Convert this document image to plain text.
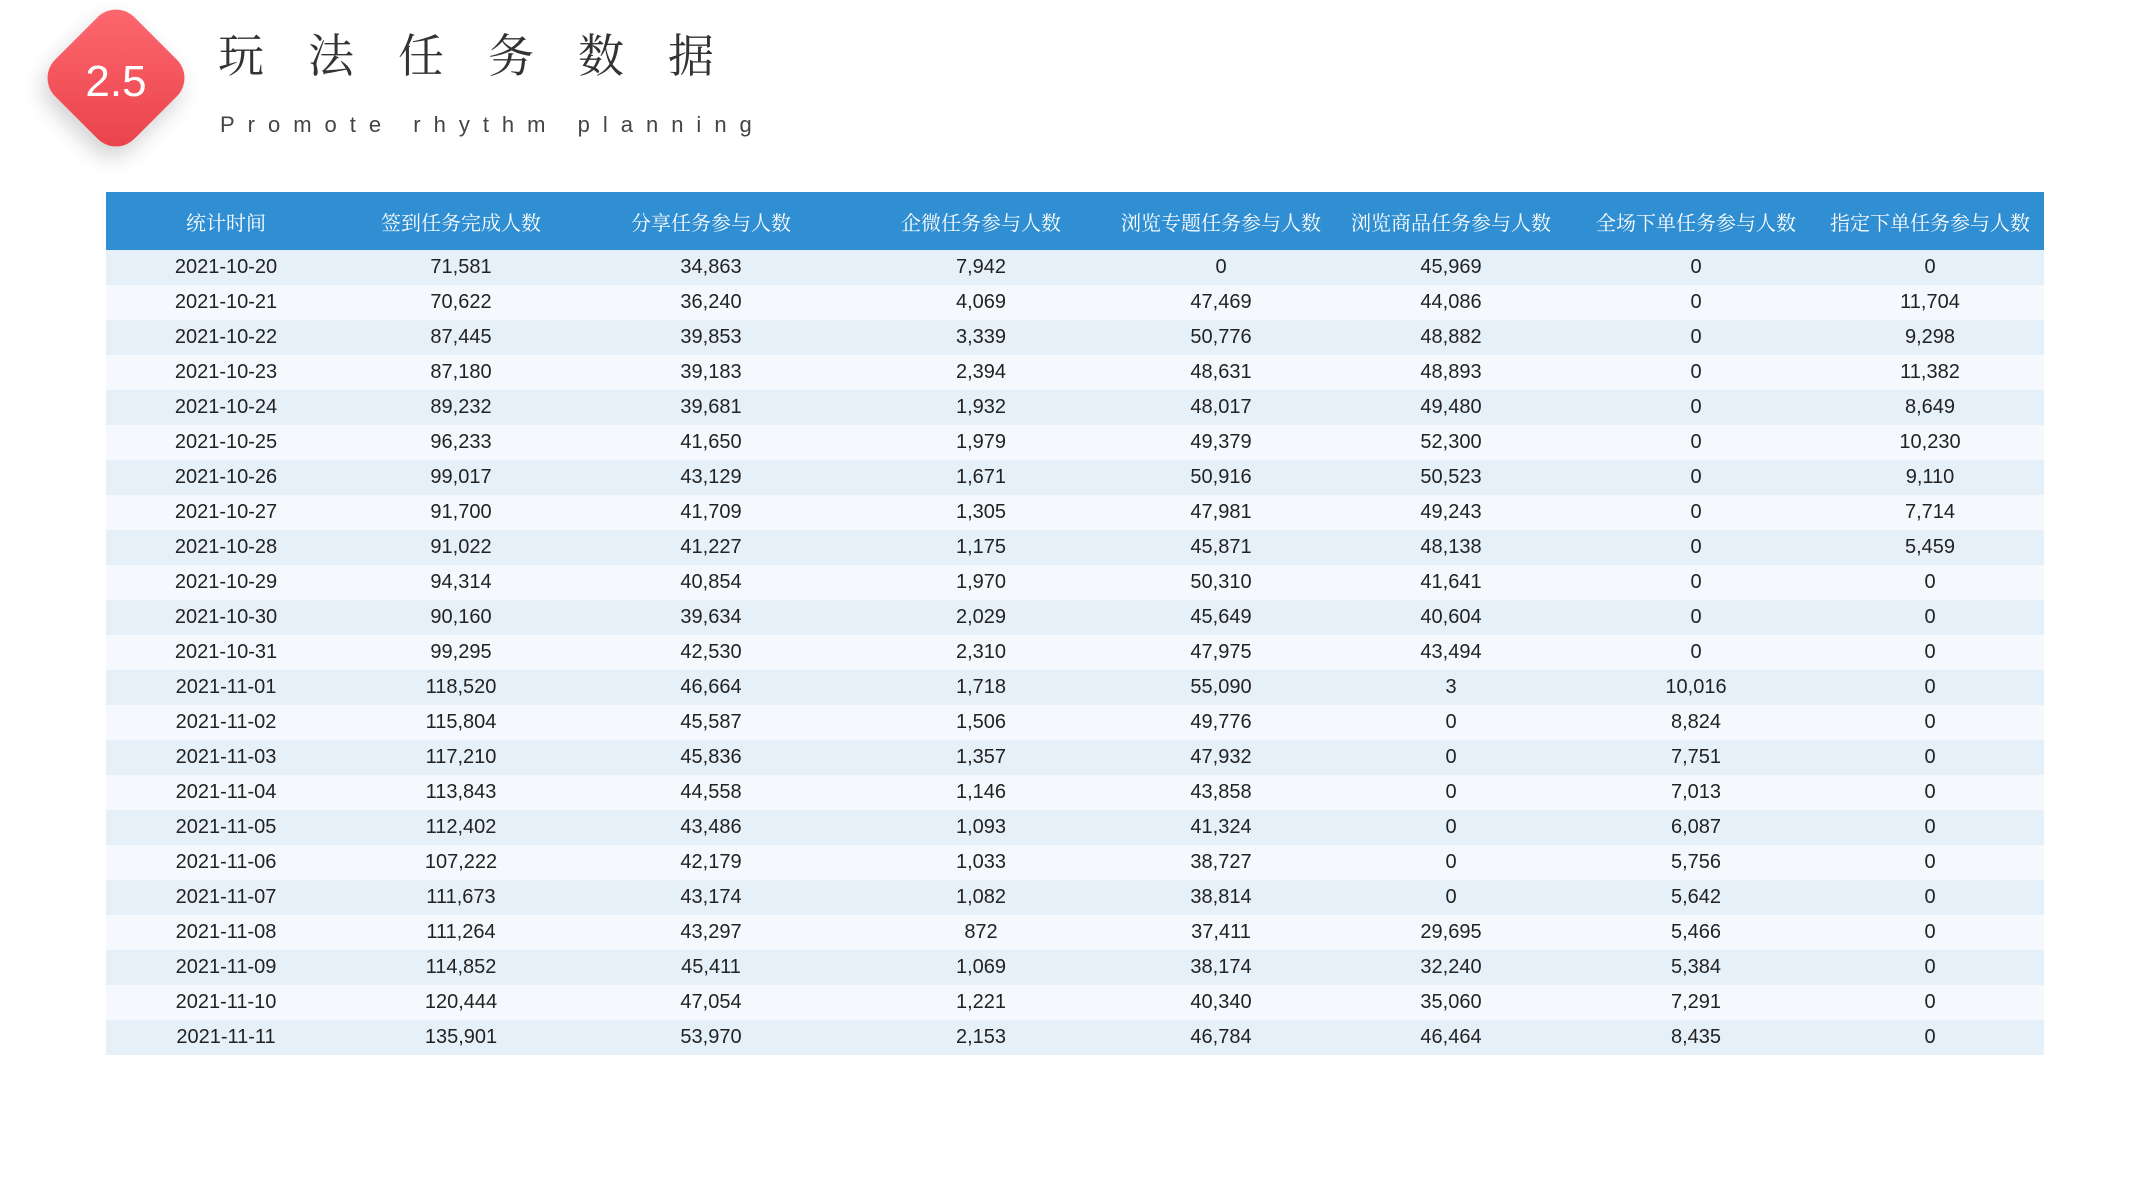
2.5	玩法任务数据
Promote rhythm planning
统计时间	签到任务完成人数	分享任务参与人数	企微任务参与人数	浏览专题任务参与人数	浏览商品任务参与人数	全场下单任务参与人数	指定下单任务参与人数
2021-10-20	71,581	34,863	7,942	0	45,969	0	0
2021-10-21	70,622	36,240	4,069	47,469	44,086	0	11,704
2021-10-22	87,445	39,853	3,339	50,776	48,882	0	9,298
2021-10-23	87,180	39,183	2,394	48,631	48,893	0	11,382
2021-10-24	89,232	39,681	1,932	48,017	49,480	0	8,649
2021-10-25	96,233	41,650	1,979	49,379	52,300	0	10,230
2021-10-26	99,017	43,129	1,671	50,916	50,523	0	9,110
2021-10-27	91,700	41,709	1,305	47,981	49,243	0	7,714
2021-10-28	91,022	41,227	1,175	45,871	48,138	0	5,459
2021-10-29	94,314	40,854	1,970	50,310	41,641	0	0
2021-10-30	90,160	39,634	2,029	45,649	40,604	0	0
2021-10-31	99,295	42,530	2,310	47,975	43,494	0	0
2021-11-01	118,520	46,664	1,718	55,090	3	10,016	0
2021-11-02	115,804	45,587	1,506	49,776	0	8,824	0
2021-11-03	117,210	45,836	1,357	47,932	0	7,751	0
2021-11-04	113,843	44,558	1,146	43,858	0	7,013	0
2021-11-05	112,402	43,486	1,093	41,324	0	6,087	0
2021-11-06	107,222	42,179	1,033	38,727	0	5,756	0
2021-11-07	111,673	43,174	1,082	38,814	0	5,642	0
2021-11-08	111,264	43,297	872	37,411	29,695	5,466	0
2021-11-09	114,852	45,411	1,069	38,174	32,240	5,384	0
2021-11-10	120,444	47,054	1,221	40,340	35,060	7,291	0
2021-11-11	135,901	53,970	2,153	46,784	46,464	8,435	0
